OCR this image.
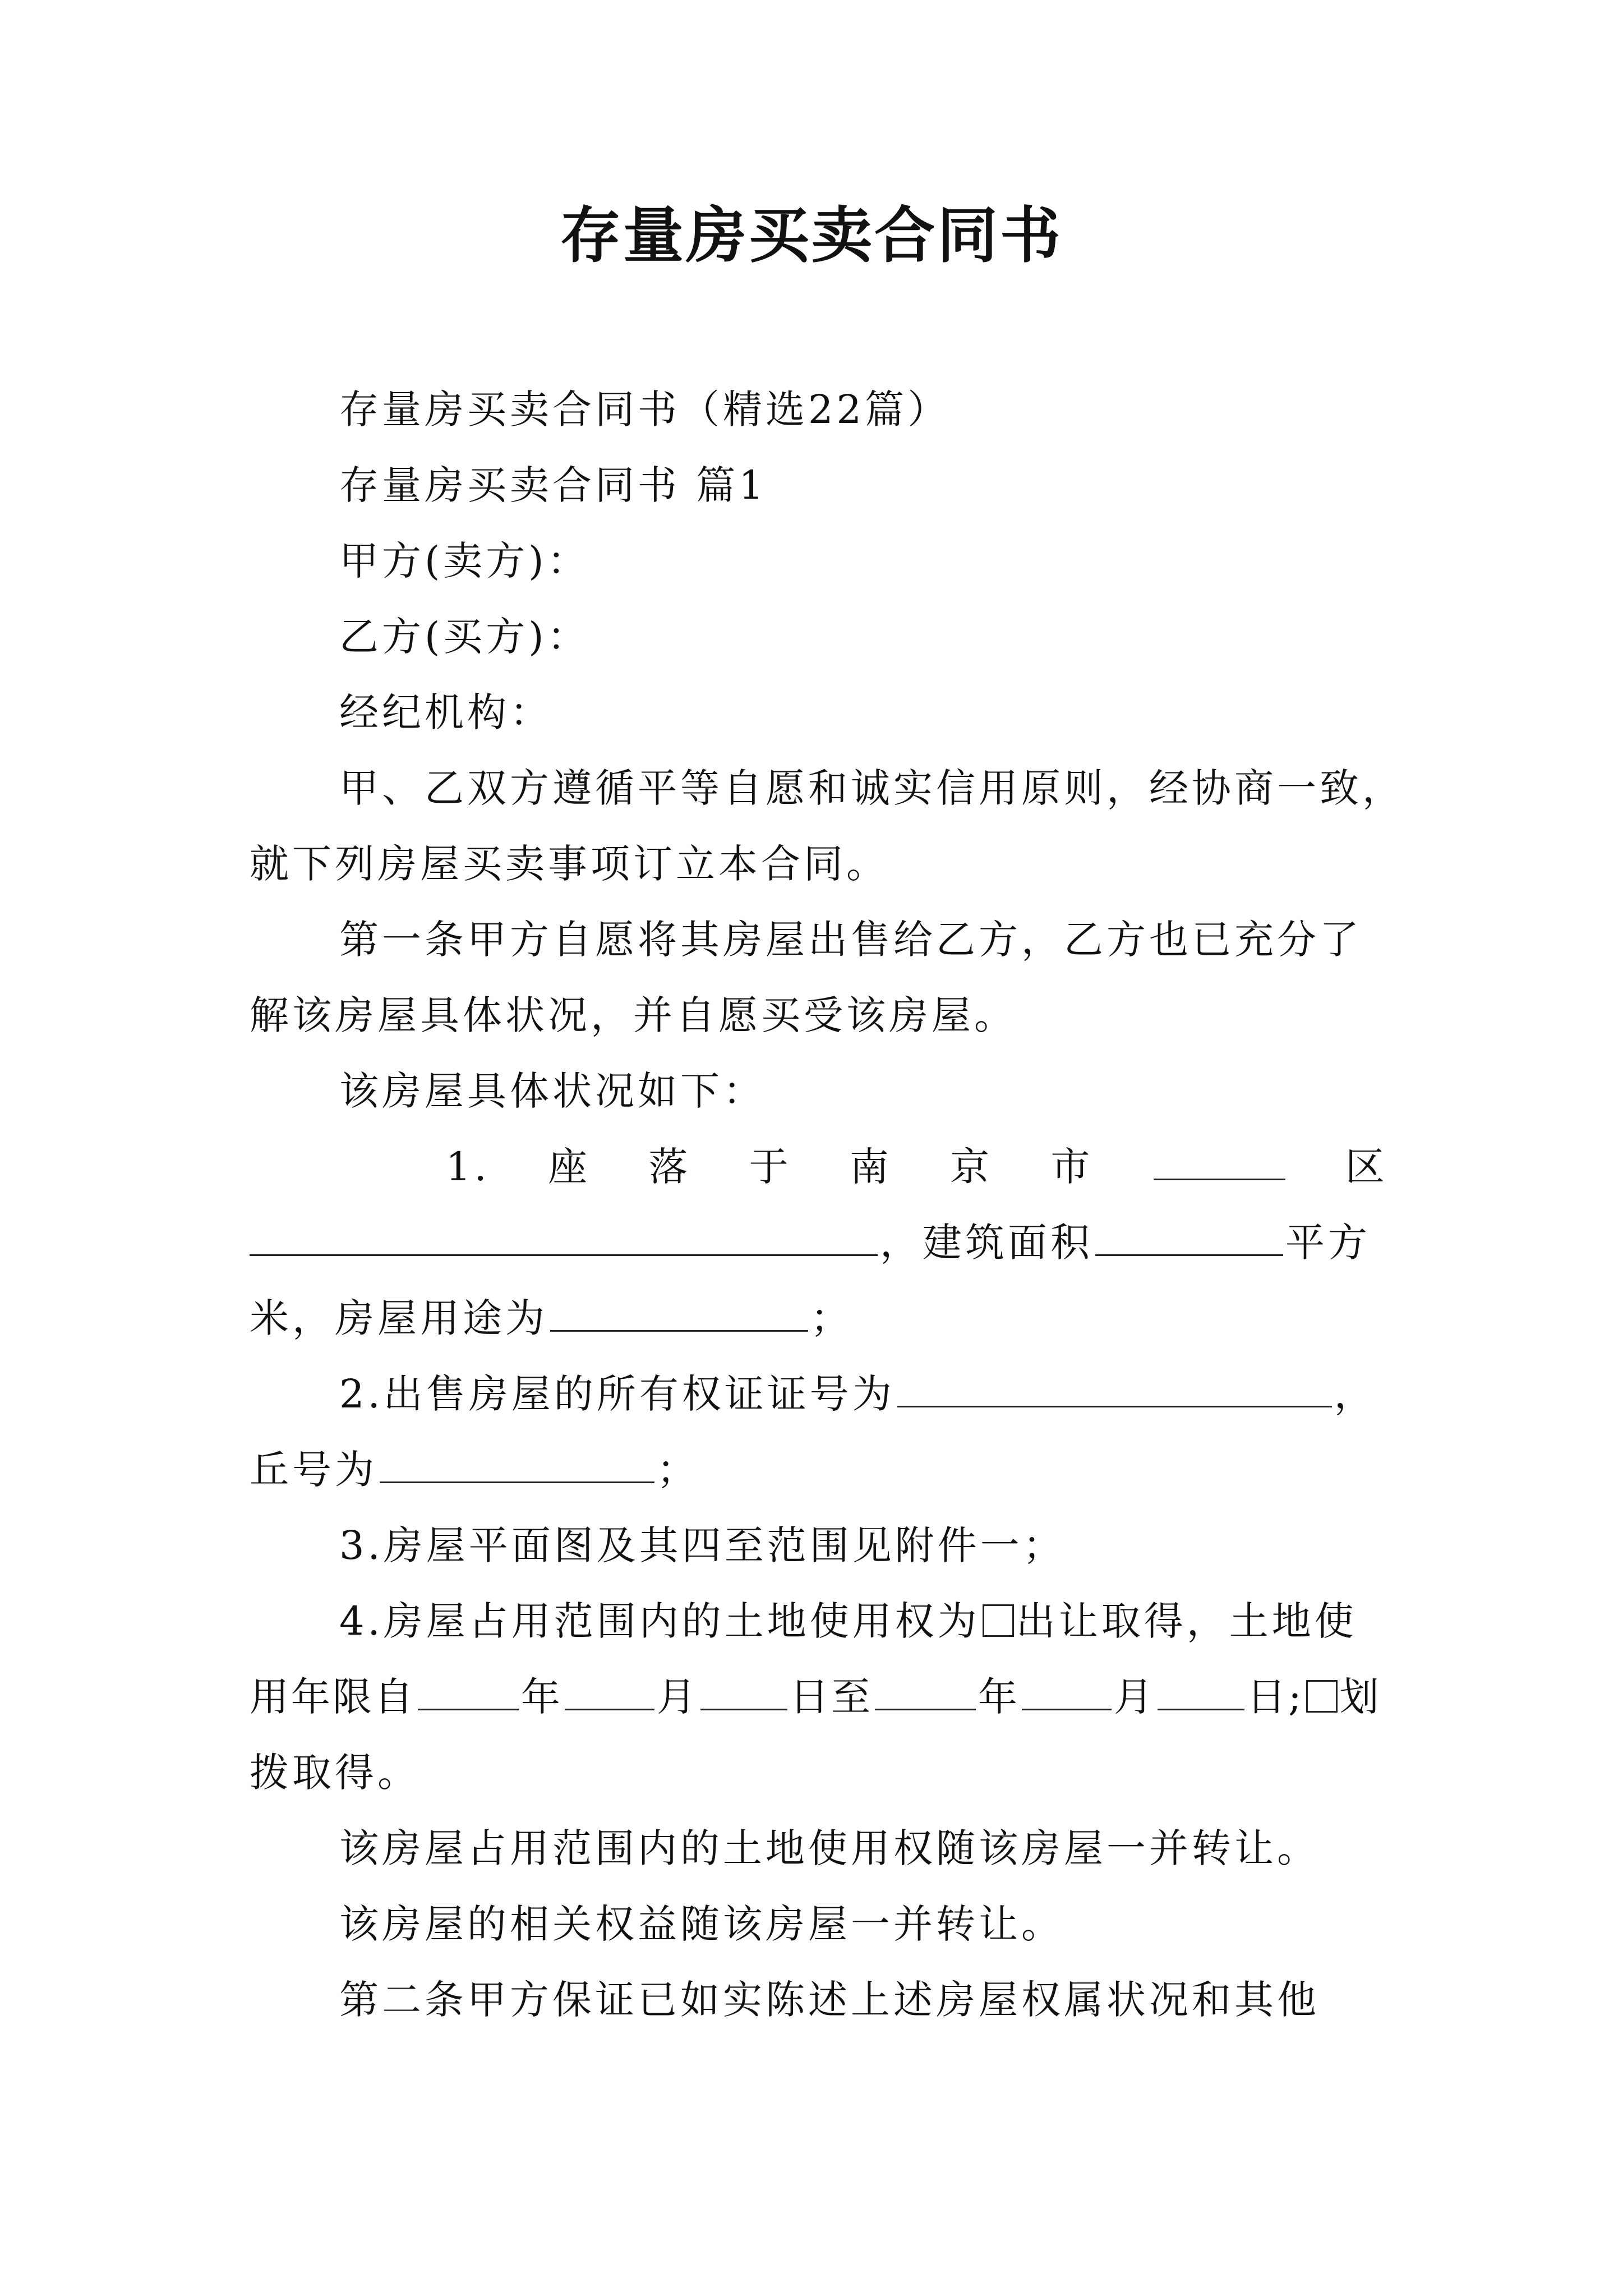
存量房买卖合同书
存量房买卖合同书（精选22篇）
存量房买卖合同书 篇1
甲方(卖方)：
乙方(买方)：
经纪机构：
甲、乙双方遵循平等自愿和诚实信用原则，经协商一致，
就下列房屋买卖事项订立本合同。
第一条甲方自愿将其房屋出售给乙方，乙方也已充分了
解该房屋具体状况，并自愿买受该房屋。
该房屋具体状况如下：
1. 座 落 于 南 京 市	区
，建筑面积	平方
米，房屋用途为	；
2.出售房屋的所有权证证号为	，
丘号为	；
3.房屋平面图及其四至范围见附件一；
4.房屋占用范围内的土地使用权为 出让取得，土地使
用年限自	年 月 日至	年 月 日; 划
拨取得。
该房屋占用范围内的土地使用权随该房屋一并转让。
该房屋的相关权益随该房屋一并转让。
第二条甲方保证已如实陈述上述房屋权属状况和其他
